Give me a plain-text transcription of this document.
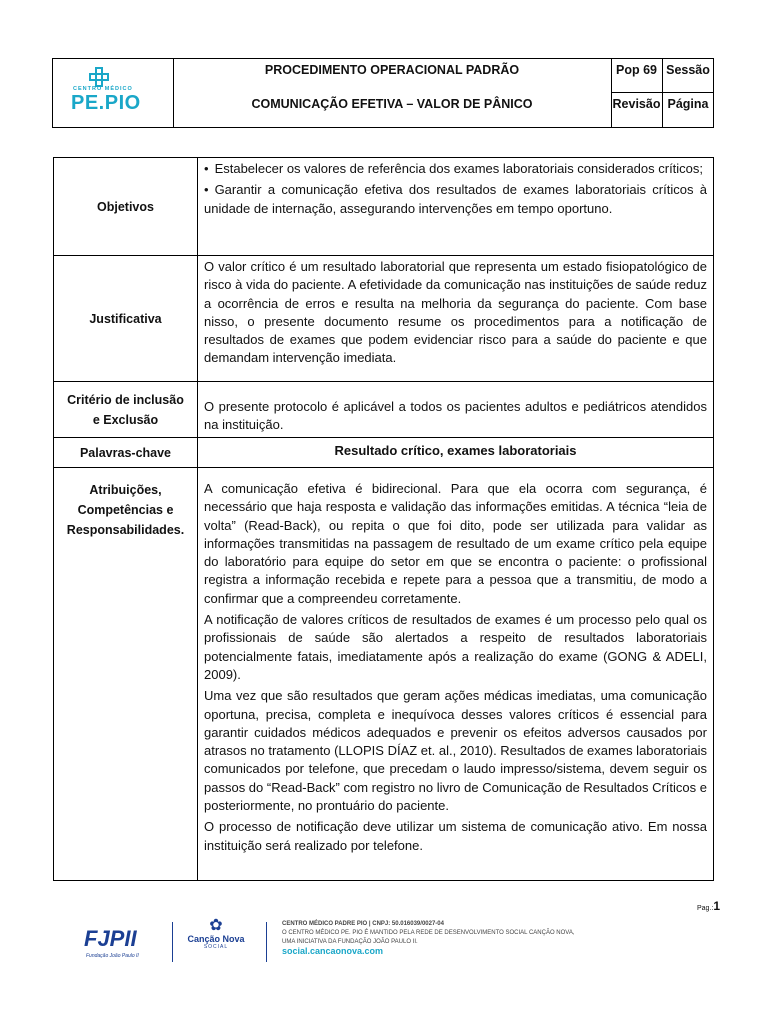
CENTRO MÉDICO
PE.PIO
PROCEDIMENTO OPERACIONAL PADRÃO
COMUNICAÇÃO EFETIVA – VALOR DE PÂNICO
Pop 69 Sessão
Revisão Página
Objetivos

• Estabelecer os valores de referência dos exames laboratoriais considerados críticos;

• Garantir a comunicação efetiva dos resultados de exames laboratoriais críticos à unidade de internação, assegurando intervenções em tempo oportuno.

Justificativa

O valor crítico é um resultado laboratorial que representa um estado fisiopatológico de risco à vida do paciente. A efetividade da comunicação nas instituições de saúde reduz a ocorrência de erros e resulta na melhoria da segurança do paciente. Com base nisso, o presente documento resume os procedimentos para a notificação de resultados de exames que podem evidenciar risco para a saúde do paciente e que demandam intervenção imediata.

Critério de inclusão
e Exclusão

O presente protocolo é aplicável a todos os pacientes adultos e pediátricos atendidos na instituição.

Palavras-chave	Resultado crítico, exames laboratoriais

Atribuições,
Competências e
Responsabilidades.

A comunicação efetiva é bidirecional. Para que ela ocorra com segurança, é necessário que haja resposta e validação das informações emitidas. A técnica “leia de volta” (Read-Back), ou repita o que foi dito, pode ser utilizada para validar as informações transmitidas na passagem de resultado de um exame crítico pela equipe do laboratório para equipe do setor em que se encontra o paciente: o profissional registra a informação recebida e repete para a pessoa que a transmitiu, de modo a confirmar que a compreendeu corretamente.

A notificação de valores críticos de resultados de exames é um processo pelo qual os profissionais de saúde são alertados a respeito de resultados laboratoriais potencialmente fatais, imediatamente após a realização do exame (GONG & ADELI, 2009).

Uma vez que são resultados que geram ações médicas imediatas, uma comunicação oportuna, precisa, completa e inequívoca desses valores críticos é essencial para garantir cuidados médicos adequados e prevenir os efeitos adversos causados por atrasos no tratamento (LLOPIS DÍAZ et. al., 2010). Resultados de exames laboratoriais comunicados por telefone, que precedam o laudo impresso/sistema, devem seguir os passos do “Read-Back” com registro no livro de Comunicação de Resultados Críticos e posteriormente, no prontuário do paciente.

O processo de notificação deve utilizar um sistema de comunicação ativo. Em nossa instituição será realizado por telefone.

Pag.:1
FJPII
Fundação João Paulo II
✿
Canção Nova
SOCIAL
CENTRO MÉDICO PADRE PIO | CNPJ: 50.016039/0027-04
O CENTRO MÉDICO PE. PIO É MANTIDO PELA REDE DE DESENVOLVIMENTO SOCIAL CANÇÃO NOVA,
UMA INICIATIVA DA FUNDAÇÃO JOÃO PAULO II.
social.cancaonova.com
